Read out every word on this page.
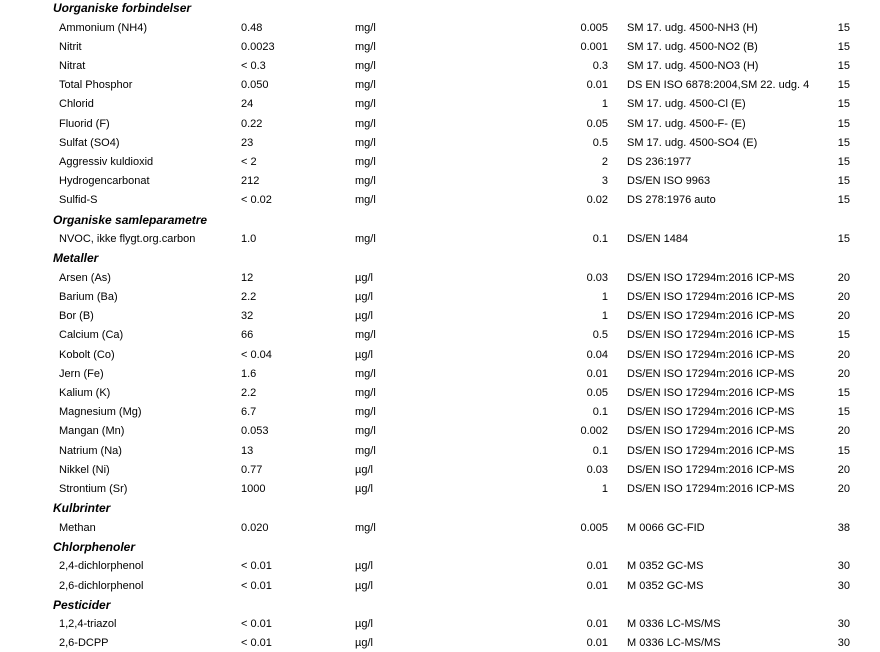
Uorganiske forbindelser
Ammonium (NH4)	0.48	mg/l	0.005 SM 17. udg. 4500-NH3 (H)	15
Nitrit	0.0023	mg/l	0.001 SM 17. udg. 4500-NO2 (B)	15
Nitrat	< 0.3	mg/l	0.3 SM 17. udg. 4500-NO3 (H)	15
Total Phosphor	0.050	mg/l	0.01 DS EN ISO 6878:2004,SM 22. udg. 4	15
Chlorid	24	mg/l	1 SM 17. udg. 4500-Cl (E)	15
Fluorid (F)	0.22	mg/l	0.05 SM 17. udg. 4500-F- (E)	15
Sulfat (SO4)	23	mg/l	0.5 SM 17. udg. 4500-SO4 (E)	15
Aggressiv kuldioxid	< 2	mg/l	2 DS 236:1977	15
Hydrogencarbonat	212	mg/l	3 DS/EN ISO 9963	15
Sulfid-S	< 0.02	mg/l	0.02 DS 278:1976 auto	15
Organiske samleparametre
NVOC, ikke flygt.org.carbon	1.0	mg/l	0.1 DS/EN 1484	15
Metaller
Arsen (As)	12	µg/l	0.03 DS/EN ISO 17294m:2016 ICP-MS	20
Barium (Ba)	2.2	µg/l	1 DS/EN ISO 17294m:2016 ICP-MS	20
Bor (B)	32	µg/l	1 DS/EN ISO 17294m:2016 ICP-MS	20
Calcium (Ca)	66	mg/l	0.5 DS/EN ISO 17294m:2016 ICP-MS	15
Kobolt (Co)	< 0.04	µg/l	0.04 DS/EN ISO 17294m:2016 ICP-MS	20
Jern (Fe)	1.6	mg/l	0.01 DS/EN ISO 17294m:2016 ICP-MS	20
Kalium (K)	2.2	mg/l	0.05 DS/EN ISO 17294m:2016 ICP-MS	15
Magnesium (Mg)	6.7	mg/l	0.1 DS/EN ISO 17294m:2016 ICP-MS	15
Mangan (Mn)	0.053	mg/l	0.002 DS/EN ISO 17294m:2016 ICP-MS	20
Natrium (Na)	13	mg/l	0.1 DS/EN ISO 17294m:2016 ICP-MS	15
Nikkel (Ni)	0.77	µg/l	0.03 DS/EN ISO 17294m:2016 ICP-MS	20
Strontium (Sr)	1000	µg/l	1 DS/EN ISO 17294m:2016 ICP-MS	20
Kulbrinter
Methan	0.020	mg/l	0.005 M 0066 GC-FID	38
Chlorphenoler
2,4-dichlorphenol	< 0.01	µg/l	0.01 M 0352 GC-MS	30
2,6-dichlorphenol	< 0.01	µg/l	0.01 M 0352 GC-MS	30
Pesticider
1,2,4-triazol	< 0.01	µg/l	0.01 M 0336 LC-MS/MS	30
2,6-DCPP	< 0.01	µg/l	0.01 M 0336 LC-MS/MS	30
